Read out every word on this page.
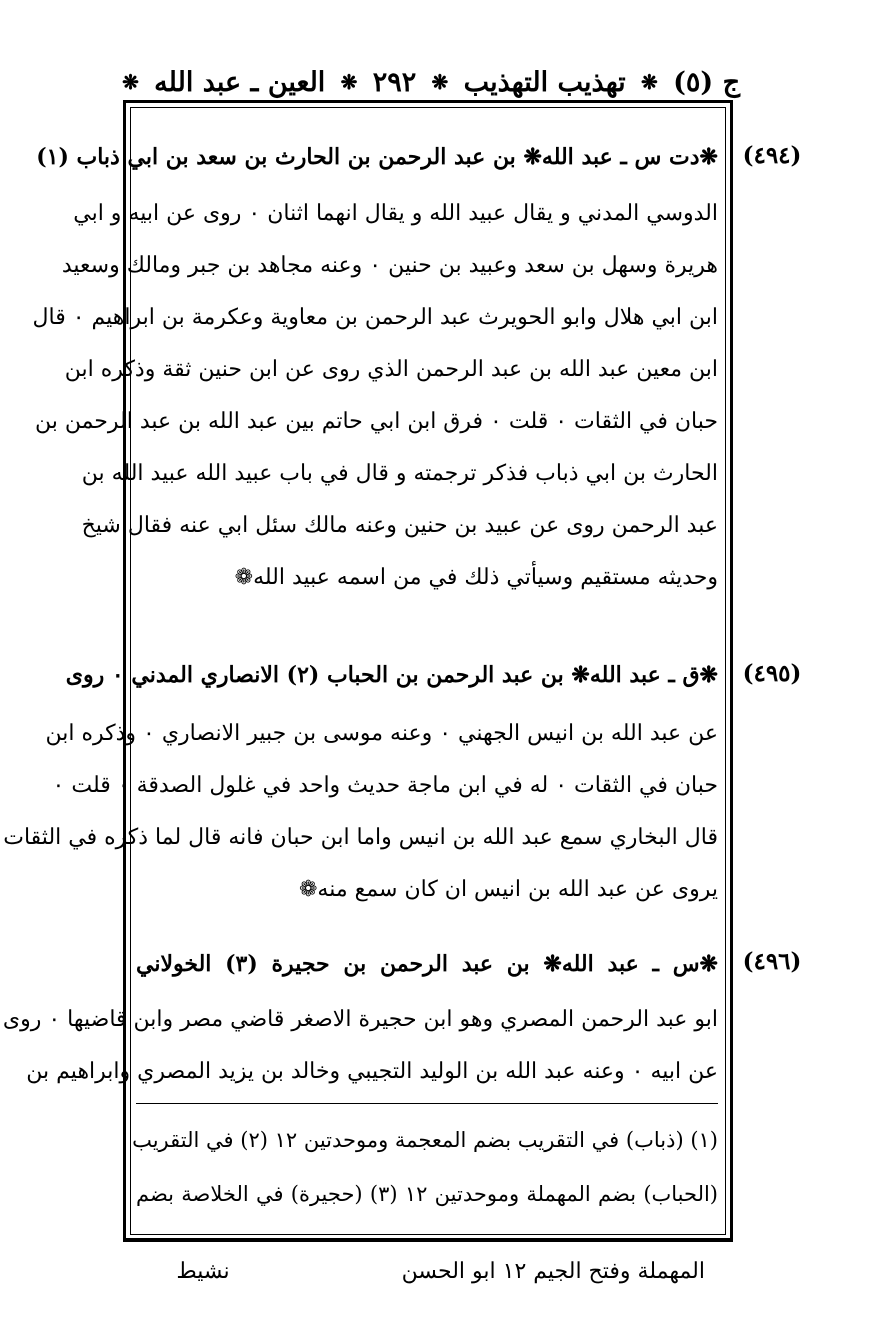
ج (٥)
❋
تهذيب التهذيب
❋
٢٩٢
❋
العين ـ عبد الله
❋
(٤٩٤)
(٤٩٥)
(٤٩٦)
❋دت س ـ عبد الله❋ بن عبد الرحمن بن الحارث بن سعد بن ابي ذباب (١)
الدوسي المدني و يقال عبيد الله و يقال انهما اثنان ٠ روى عن ابيه و ابي
هريرة وسهل بن سعد وعبيد بن حنين ٠ وعنه مجاهد بن جبر ومالك وسعيد
ابن ابي هلال وابو الحويرث عبد الرحمن بن معاوية وعكرمة بن ابراهيم ٠ قال
ابن معين عبد الله بن عبد الرحمن الذي روى عن ابن حنين ثقة وذكره ابن
حبان في الثقات ٠ قلت ٠ فرق ابن ابي حاتم بين عبد الله بن عبد الرحمن بن
الحارث بن ابي ذباب فذكر ترجمته و قال في باب عبيد الله عبيد الله بن
عبد الرحمن روى عن عبيد بن حنين وعنه مالك سئل ابي عنه فقال شيخ
وحديثه مستقيم وسيأتي ذلك في من اسمه عبيد الله❁
❋ق ـ عبد الله❋ بن عبد الرحمن بن الحباب (٢) الانصاري المدني ٠ روى
عن عبد الله بن انيس الجهني ٠ وعنه موسى بن جبير الانصاري ٠ وذكره ابن
حبان في الثقات ٠ له في ابن ماجة حديث واحد في غلول الصدقة ٠ قلت ٠
قال البخاري سمع عبد الله بن انيس واما ابن حبان فانه قال لما ذكره في الثقات
يروى عن عبد الله بن انيس ان كان سمع منه❁
❋س ـ عبد الله❋ بن عبد الرحمن بن حجيرة (٣) الخولاني
ابو عبد الرحمن المصري وهو ابن حجيرة الاصغر قاضي مصر وابن قاضيها ٠ روى
عن ابيه ٠ وعنه عبد الله بن الوليد التجيبي وخالد بن يزيد المصري وابراهيم بن
(١) (ذباب) في التقريب بضم المعجمة وموحدتين ١٢ (٢) في التقريب
(الحباب) بضم المهملة وموحدتين ١٢ (٣) (حجيرة) في الخلاصة بضم
المهملة وفتح الجيم ١٢ ابو الحسن
نشيط
